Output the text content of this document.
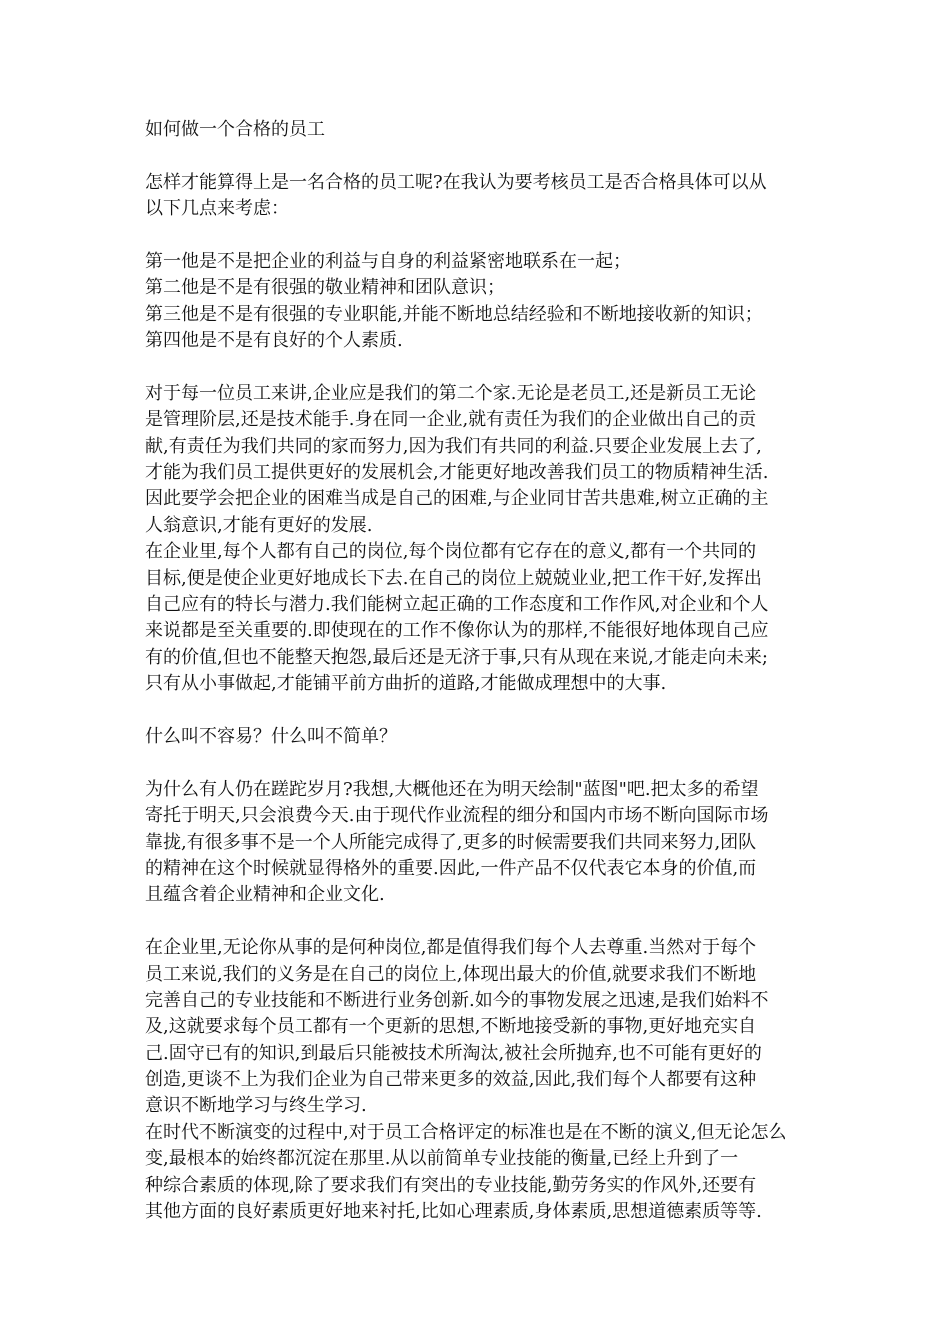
如何做一个合格的员工
怎样才能算得上是一名合格的员工呢?在我认为要考核员工是否合格具体可以从
以下几点来考虑：
第一他是不是把企业的利益与自身的利益紧密地联系在一起；
第二他是不是有很强的敬业精神和团队意识；
第三他是不是有很强的专业职能,并能不断地总结经验和不断地接收新的知识；
第四他是不是有良好的个人素质.
对于每一位员工来讲,企业应是我们的第二个家.无论是老员工,还是新员工无论
是管理阶层,还是技术能手.身在同一企业,就有责任为我们的企业做出自己的贡
献,有责任为我们共同的家而努力,因为我们有共同的利益.只要企业发展上去了,
才能为我们员工提供更好的发展机会,才能更好地改善我们员工的物质精神生活.
因此要学会把企业的困难当成是自己的困难,与企业同甘苦共患难,树立正确的主
人翁意识,才能有更好的发展.
在企业里,每个人都有自己的岗位,每个岗位都有它存在的意义,都有一个共同的
目标,便是使企业更好地成长下去.在自己的岗位上兢兢业业,把工作干好,发挥出
自己应有的特长与潜力.我们能树立起正确的工作态度和工作作风,对企业和个人
来说都是至关重要的.即使现在的工作不像你认为的那样,不能很好地体现自己应
有的价值,但也不能整天抱怨,最后还是无济于事,只有从现在来说,才能走向未来;
只有从小事做起,才能铺平前方曲折的道路,才能做成理想中的大事.
什么叫不容易？什么叫不简单？
为什么有人仍在蹉跎岁月?我想,大概他还在为明天绘制"蓝图"吧.把太多的希望
寄托于明天,只会浪费今天.由于现代作业流程的细分和国内市场不断向国际市场
靠拢,有很多事不是一个人所能完成得了,更多的时候需要我们共同来努力,团队
的精神在这个时候就显得格外的重要.因此,一件产品不仅代表它本身的价值,而
且蕴含着企业精神和企业文化.
在企业里,无论你从事的是何种岗位,都是值得我们每个人去尊重.当然对于每个
员工来说,我们的义务是在自己的岗位上,体现出最大的价值,就要求我们不断地
完善自己的专业技能和不断进行业务创新.如今的事物发展之迅速,是我们始料不
及,这就要求每个员工都有一个更新的思想,不断地接受新的事物,更好地充实自
己.固守已有的知识,到最后只能被技术所淘汰,被社会所抛弃,也不可能有更好的
创造,更谈不上为我们企业为自己带来更多的效益,因此,我们每个人都要有这种
意识不断地学习与终生学习.
在时代不断演变的过程中,对于员工合格评定的标准也是在不断的演义,但无论怎么
变,最根本的始终都沉淀在那里.从以前简单专业技能的衡量,已经上升到了一
种综合素质的体现,除了要求我们有突出的专业技能,勤劳务实的作风外,还要有
其他方面的良好素质更好地来衬托,比如心理素质,身体素质,思想道德素质等等.
